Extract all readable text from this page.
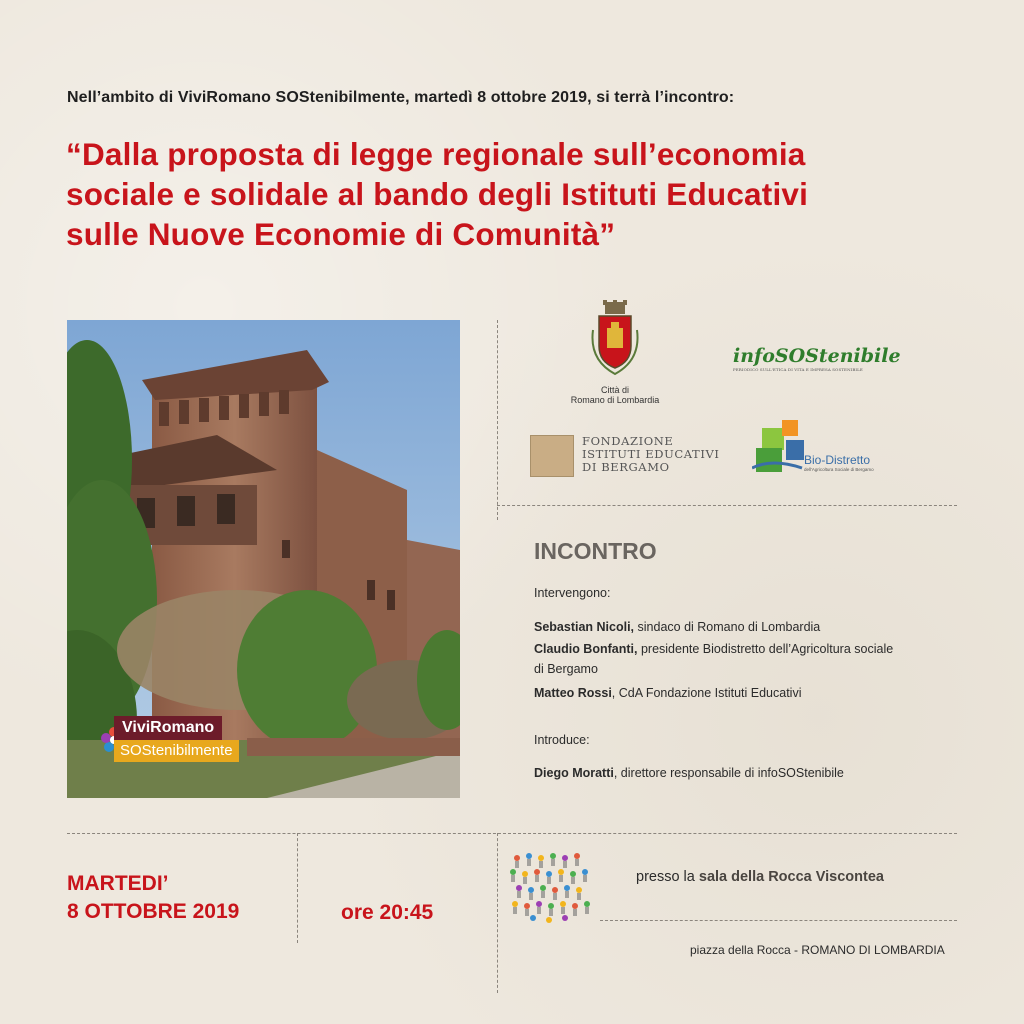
Nell’ambito di ViviRomano SOStenibilmente, martedì 8 ottobre 2019, si terrà l’incontro:
“Dalla proposta di legge regionale sull’economia
sociale e solidale al bando degli Istituti Educativi
sulle Nuove Economie di Comunità”
ViviRomano
SOStenibilmente
Città di
Romano di Lombardia
infoSOStenibile
PERIODICO SULL'ETICA DI VITA E IMPRESA SOSTENIBILE
FONDAZIONE
ISTITUTI EDUCATIVI
DI BERGAMO	Bio-Distretto
dell'Agricoltura Sociale di Bergamo
INCONTRO
Intervengono:
Sebastian Nicoli, sindaco di Romano di Lombardia
Claudio Bonfanti, presidente Biodistretto dell’Agricoltura sociale
di Bergamo
Matteo Rossi, CdA Fondazione Istituti Educativi
Introduce:
Diego Moratti, direttore responsabile di infoSOStenibile
MARTEDI’
8 OTTOBRE 2019	ore 20:45
presso la sala della Rocca Viscontea
piazza della Rocca - ROMANO DI LOMBARDIA
